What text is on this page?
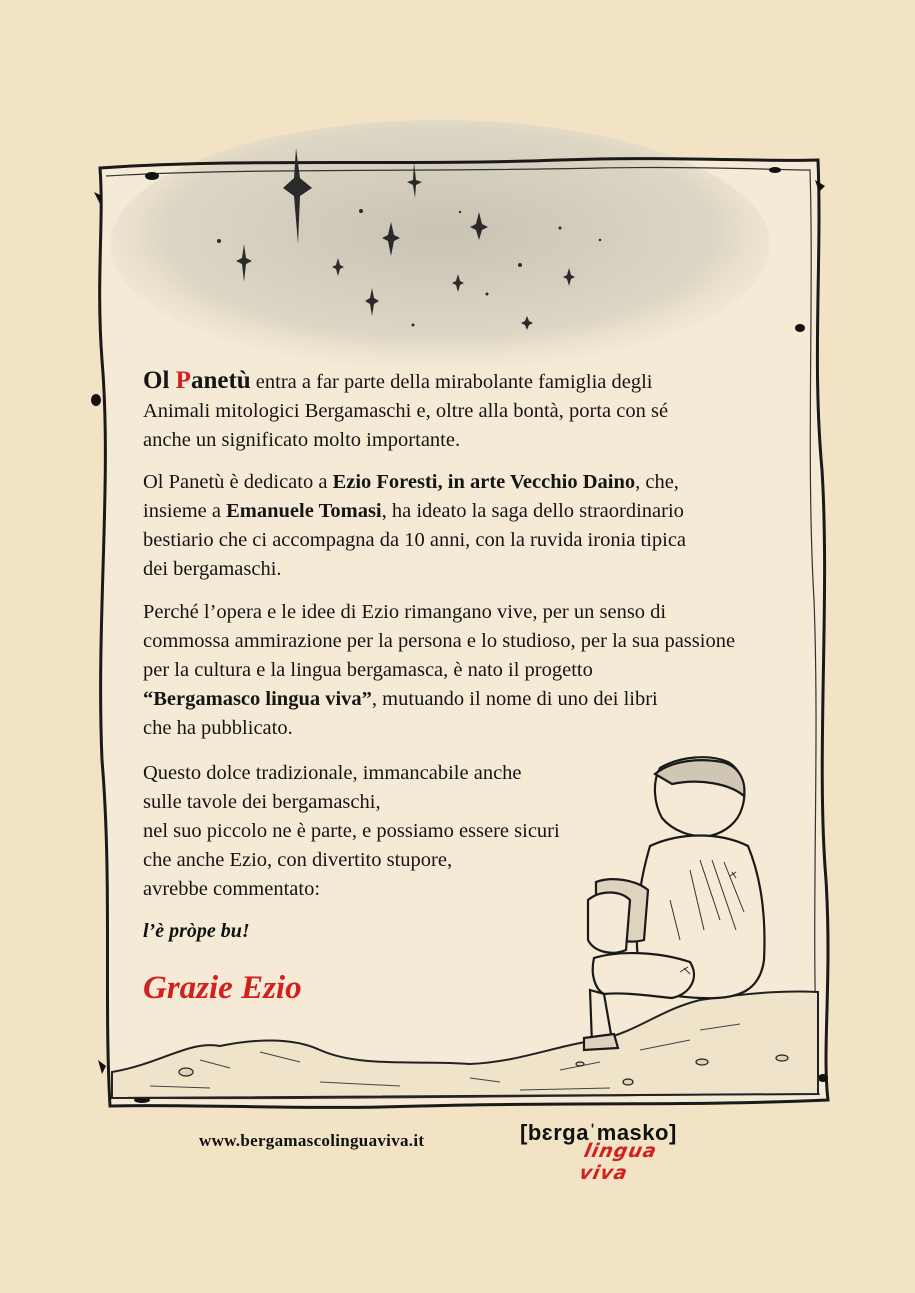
Ol Panetù entra a far parte della mirabolante famiglia degli
Animali mitologici Bergamaschi e, oltre alla bontà, porta con sé
anche un significato molto importante.

Ol Panetù è dedicato a Ezio Foresti, in arte Vecchio Daino, che,
insieme a Emanuele Tomasi, ha ideato la saga dello straordinario
bestiario che ci accompagna da 10 anni, con la ruvida ironia tipica
dei bergamaschi.

Perché l’opera e le idee di Ezio rimangano vive, per un senso di
commossa ammirazione per la persona e lo studioso, per la sua passione
per la cultura e la lingua bergamasca, è nato il progetto
“Bergamasco lingua viva”, mutuando il nome di uno dei libri
che ha pubblicato.

Questo dolce tradizionale, immancabile anche
sulle tavole dei bergamaschi,
nel suo piccolo ne è parte, e possiamo essere sicuri
che anche Ezio, con divertito stupore,
avrebbe commentato:

l’è pròpe bu!
Grazie Ezio
www.bergamascolinguaviva.it	[bɛrgaˈmasko]
lingua viva
